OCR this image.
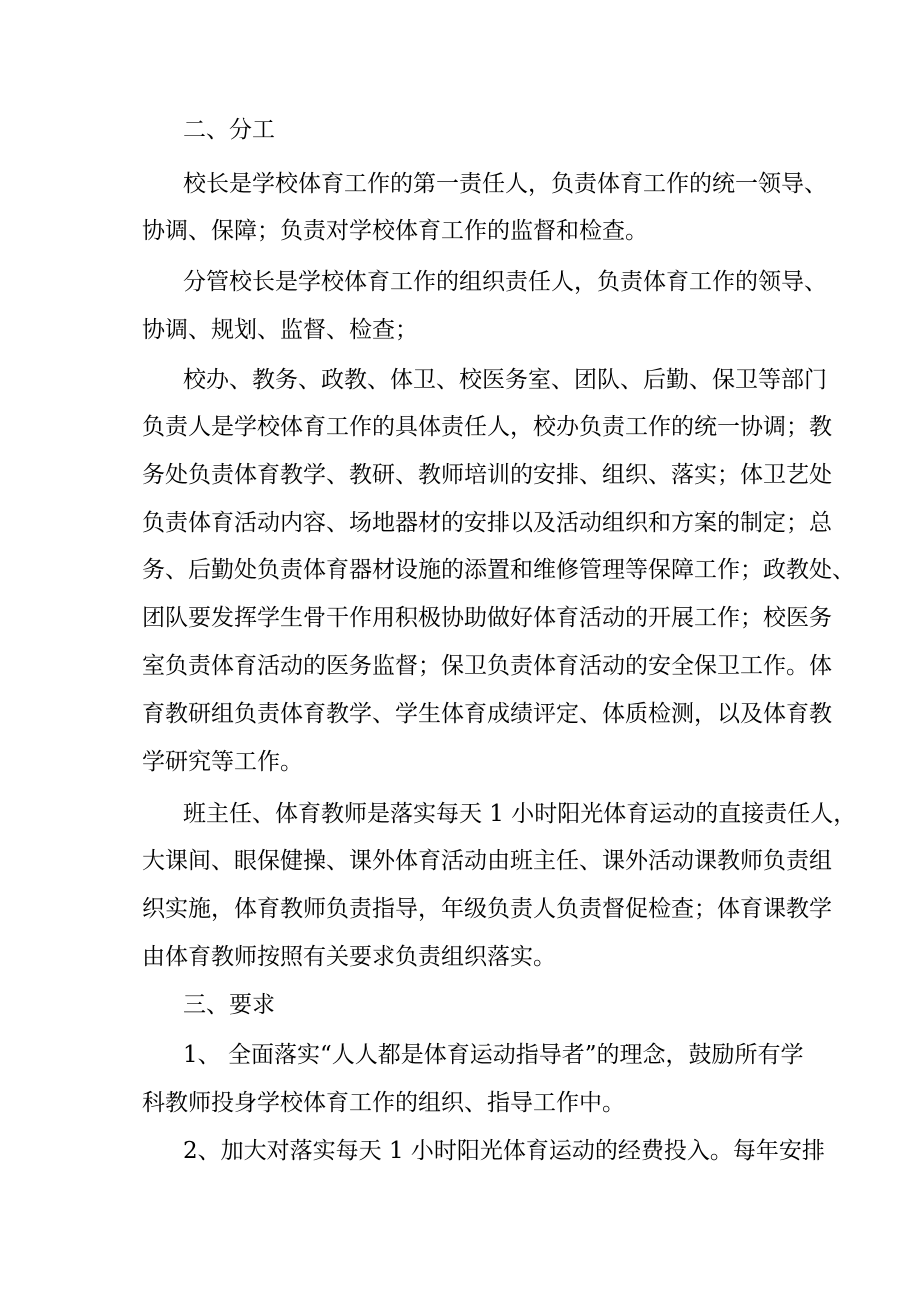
二、分工
校长是学校体育工作的第一责任人，负责体育工作的统一领导、
协调、保障；负责对学校体育工作的监督和检查。
分管校长是学校体育工作的组织责任人，负责体育工作的领导、
协调、规划、监督、检查；
校办、教务、政教、体卫、校医务室、团队、后勤、保卫等部门
负责人是学校体育工作的具体责任人，校办负责工作的统一协调；教
务处负责体育教学、教研、教师培训的安排、组织、落实；体卫艺处
负责体育活动内容、场地器材的安排以及活动组织和方案的制定；总
务、后勤处负责体育器材设施的添置和维修管理等保障工作；政教处、
团队要发挥学生骨干作用积极协助做好体育活动的开展工作；校医务
室负责体育活动的医务监督；保卫负责体育活动的安全保卫工作。体
育教研组负责体育教学、学生体育成绩评定、体质检测，以及体育教
学研究等工作。
班主任、体育教师是落实每天 1 小时阳光体育运动的直接责任人，
大课间、眼保健操、课外体育活动由班主任、课外活动课教师负责组
织实施，体育教师负责指导，年级负责人负责督促检查；体育课教学
由体育教师按照有关要求负责组织落实。
三、要求
1、 全面落实“人人都是体育运动指导者”的理念，鼓励所有学
科教师投身学校体育工作的组织、指导工作中。
2、加大对落实每天 1 小时阳光体育运动的经费投入。每年安排
